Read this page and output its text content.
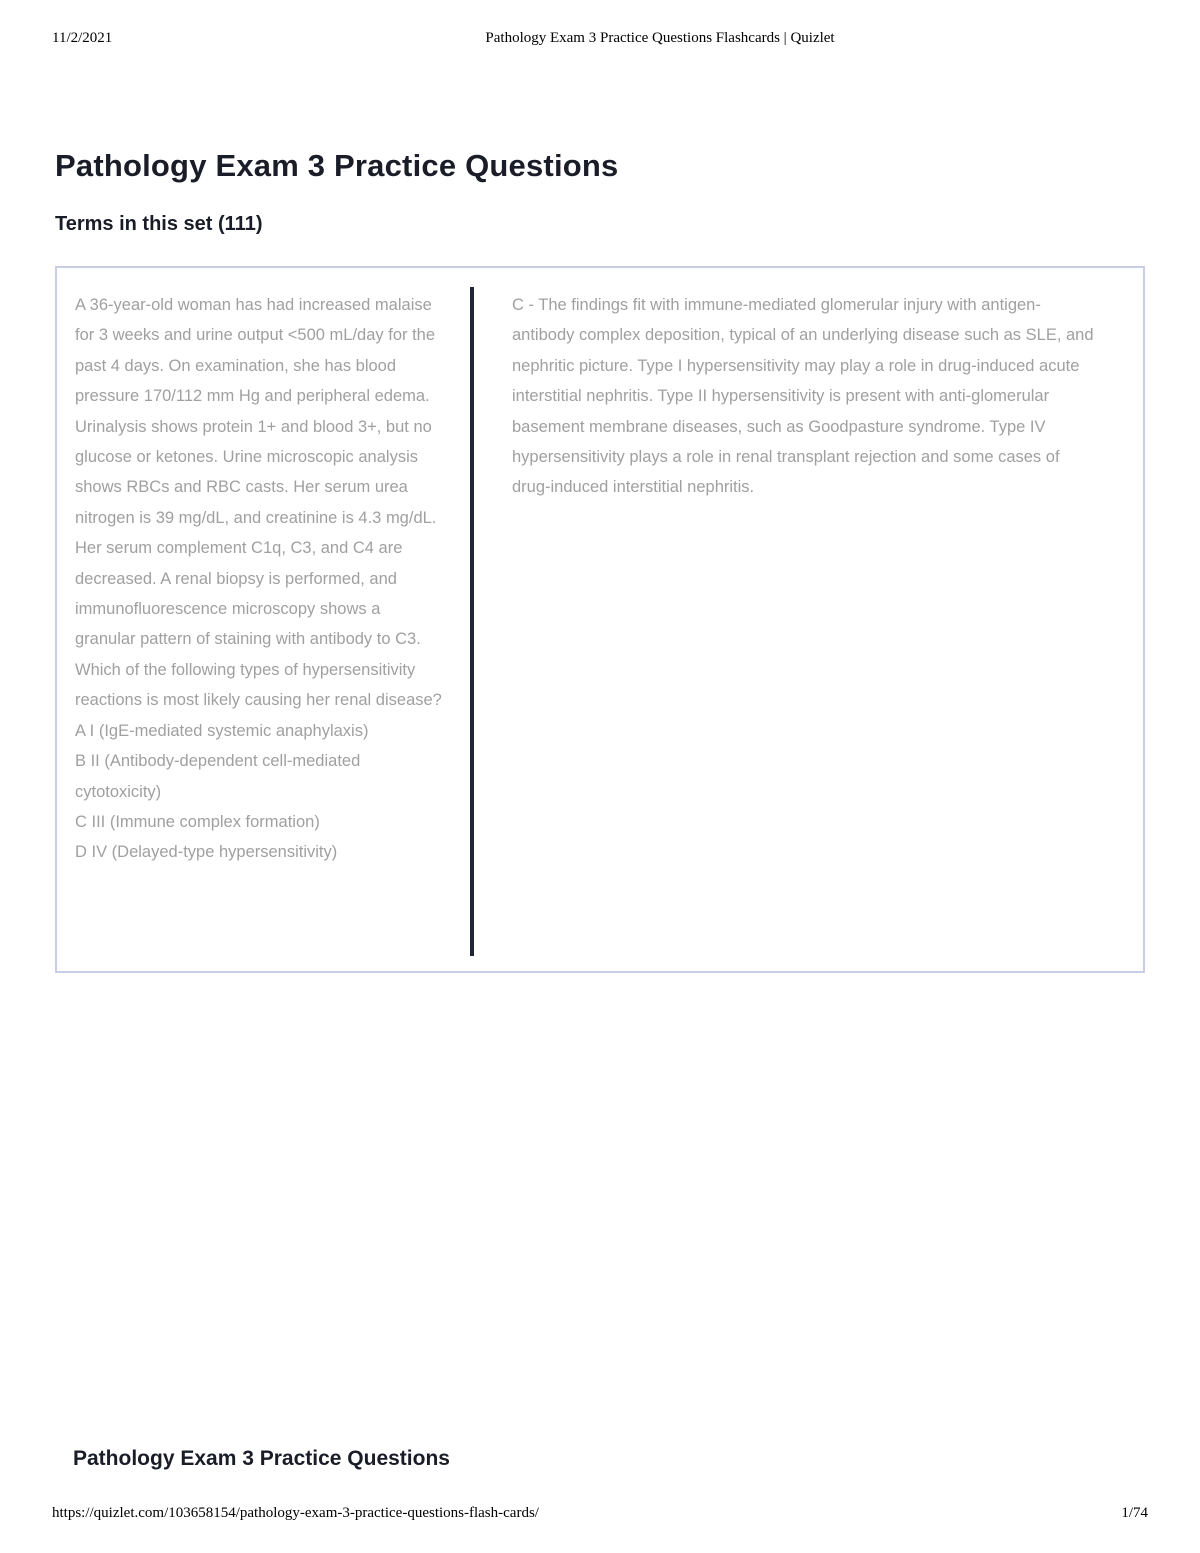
11/2/2021	Pathology Exam 3 Practice Questions Flashcards | Quizlet
Pathology Exam 3 Practice Questions
Terms in this set (111)
A 36-year-old woman has had increased malaise for 3 weeks and urine output <500 mL/day for the past 4 days. On examination, she has blood pressure 170/112 mm Hg and peripheral edema. Urinalysis shows protein 1+ and blood 3+, but no glucose or ketones. Urine microscopic analysis shows RBCs and RBC casts. Her serum urea nitrogen is 39 mg/dL, and creatinine is 4.3 mg/dL. Her serum complement C1q, C3, and C4 are decreased. A renal biopsy is performed, and immunofluorescence microscopy shows a granular pattern of staining with antibody to C3. Which of the following types of hypersensitivity reactions is most likely causing her renal disease?
A I (IgE-mediated systemic anaphylaxis)
B II (Antibody-dependent cell-mediated cytotoxicity)
C III (Immune complex formation)
D IV (Delayed-type hypersensitivity)
C - The findings fit with immune-mediated glomerular injury with antigen-antibody complex deposition, typical of an underlying disease such as SLE, and nephritic picture. Type I hypersensitivity may play a role in drug-induced acute interstitial nephritis. Type II hypersensitivity is present with anti-glomerular basement membrane diseases, such as Goodpasture syndrome. Type IV hypersensitivity plays a role in renal transplant rejection and some cases of drug-induced interstitial nephritis.
Pathology Exam 3 Practice Questions
https://quizlet.com/103658154/pathology-exam-3-practice-questions-flash-cards/	1/74
